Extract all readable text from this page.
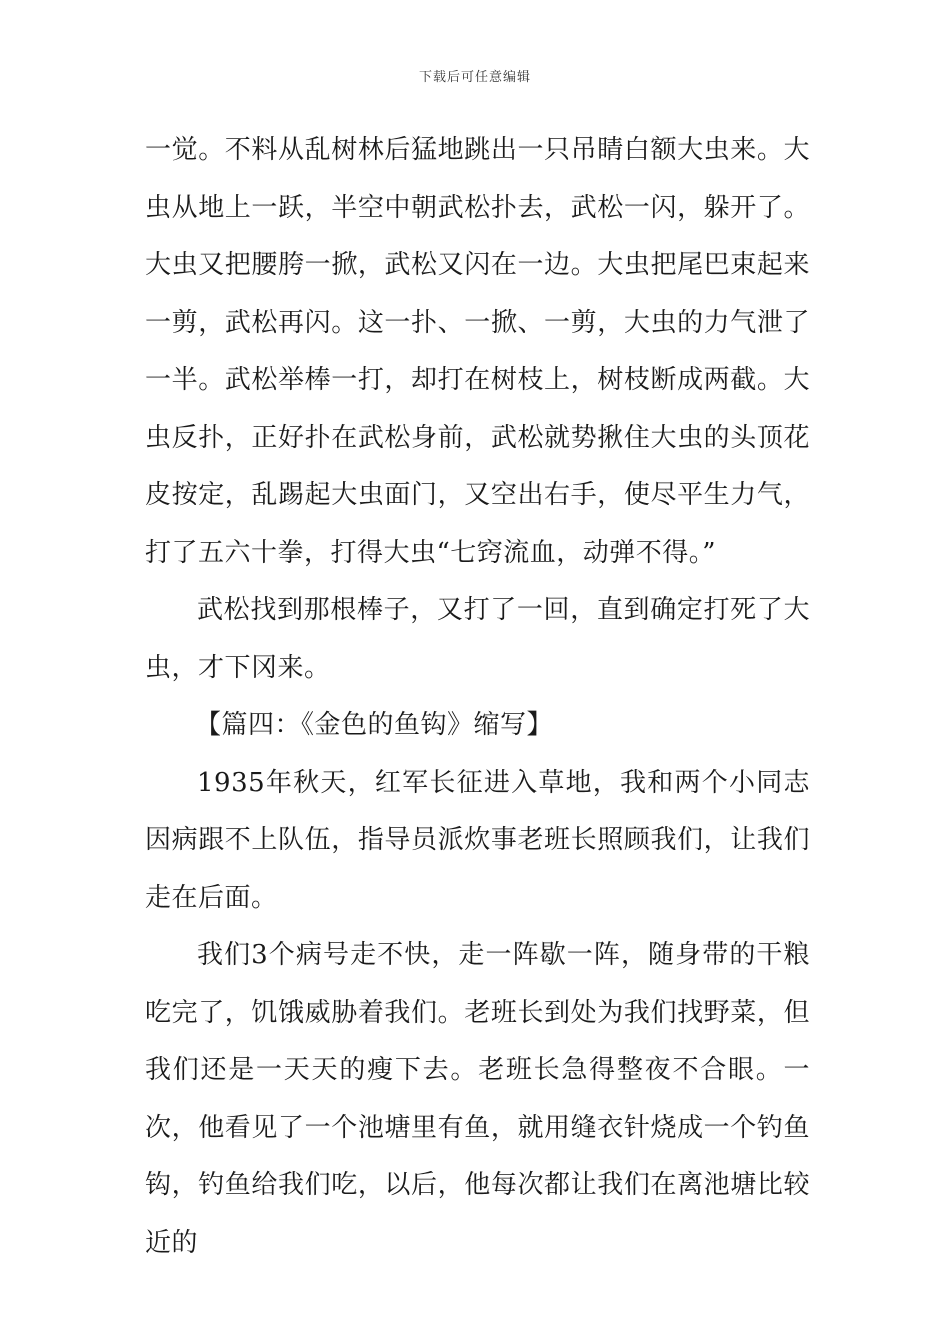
下载后可任意编辑

一觉。不料从乱树林后猛地跳出一只吊睛白额大虫来。大虫从地上一跃，半空中朝武松扑去，武松一闪，躲开了。大虫又把腰胯一掀，武松又闪在一边。大虫把尾巴束起来一剪，武松再闪。这一扑、一掀、一剪，大虫的力气泄了一半。武松举棒一打，却打在树枝上，树枝断成两截。大虫反扑，正好扑在武松身前，武松就势揪住大虫的头顶花皮按定，乱踢起大虫面门，又空出右手，使尽平生力气，打了五六十拳，打得大虫“七窍流血，动弹不得。”

武松找到那根棒子，又打了一回，直到确定打死了大虫，才下冈来。

【篇四：《金色的鱼钩》缩写】

1935年秋天，红军长征进入草地，我和两个小同志因病跟不上队伍，指导员派炊事老班长照顾我们，让我们走在后面。

我们3个病号走不快，走一阵歇一阵，随身带的干粮吃完了，饥饿威胁着我们。老班长到处为我们找野菜，但我们还是一天天的瘦下去。老班长急得整夜不合眼。一次，他看见了一个池塘里有鱼，就用缝衣针烧成一个钓鱼钩，钓鱼给我们吃，以后，他每次都让我们在离池塘比较近的
